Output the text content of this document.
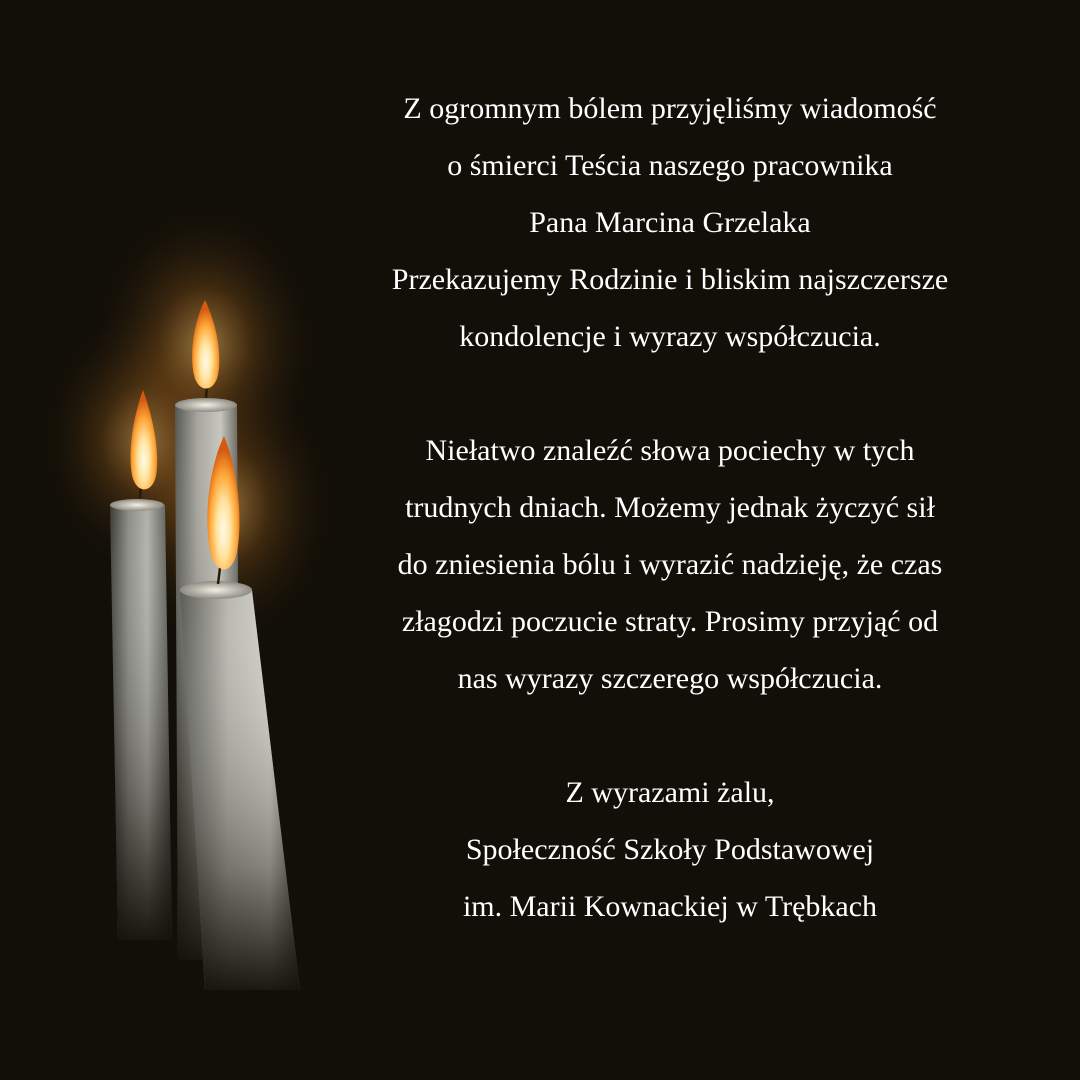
Z ogromnym bólem przyjęliśmy wiadomość
o śmierci Teścia naszego pracownika
Pana Marcina Grzelaka
Przekazujemy Rodzinie i bliskim najszczersze
kondolencje i wyrazy współczucia.
Niełatwo znaleźć słowa pociechy w tych
trudnych dniach. Możemy jednak życzyć sił
do zniesienia bólu i wyrazić nadzieję, że czas
złagodzi poczucie straty. Prosimy przyjąć od
nas wyrazy szczerego współczucia.
Z wyrazami żalu,
Społeczność Szkoły Podstawowej
im. Marii Kownackiej w Trębkach
